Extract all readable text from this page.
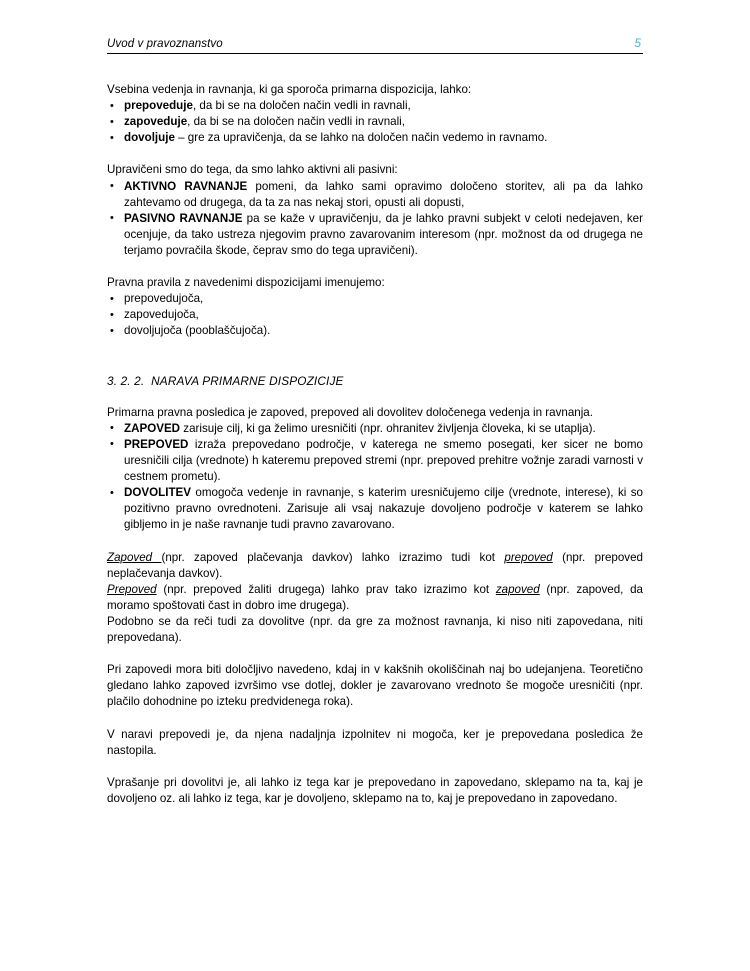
Uvod v pravoznanstvo	5

Vsebina vedenja in ravnanja, ki ga sporoča primarna dispozicija, lahko:

• prepoveduje, da bi se na določen način vedli in ravnali,
• zapoveduje, da bi se na določen način vedli in ravnali,
• dovoljuje – gre za upravičenja, da se lahko na določen način vedemo in ravnamo.

Upravičeni smo do tega, da smo lahko aktivni ali pasivni:

• AKTIVNO RAVNANJE pomeni, da lahko sami opravimo določeno storitev, ali pa da lahko zahtevamo od drugega, da ta za nas nekaj stori, opusti ali dopusti,
• PASIVNO RAVNANJE pa se kaže v upravičenju, da je lahko pravni subjekt v celoti nedejaven, ker ocenjuje, da tako ustreza njegovim pravno zavarovanim interesom (npr. možnost da od drugega ne terjamo povračila škode, čeprav smo do tega upravičeni).

Pravna pravila z navedenimi dispozicijami imenujemo:

• prepovedujoča,
• zapovedujoča,
• dovoljujoča (pooblaščujoča).
3. 2. 2.  NARAVA PRIMARNE DISPOZICIJE

Primarna pravna posledica je zapoved, prepoved ali dovolitev določenega vedenja in ravnanja.

• ZAPOVED zarisuje cilj, ki ga želimo uresničiti (npr. ohranitev življenja človeka, ki se utaplja).
• PREPOVED izraža prepovedano področje, v katerega ne smemo posegati, ker sicer ne bomo uresničili cilja (vrednote) h kateremu prepoved stremi (npr. prepoved prehitre vožnje zaradi varnosti v cestnem prometu).
• DOVOLITEV omogoča vedenje in ravnanje, s katerim uresničujemo cilje (vrednote, interese), ki so pozitivno pravno ovrednoteni. Zarisuje ali vsaj nakazuje dovoljeno področje v katerem se lahko gibljemo in je naše ravnanje tudi pravno zavarovano.

Zapoved (npr. zapoved plačevanja davkov) lahko izrazimo tudi kot prepoved (npr. prepoved neplačevanja davkov).

Prepoved (npr. prepoved žaliti drugega) lahko prav tako izrazimo kot zapoved (npr. zapoved, da moramo spoštovati čast in dobro ime drugega).

Podobno se da reči tudi za dovolitve (npr. da gre za možnost ravnanja, ki niso niti zapovedana, niti prepovedana).

Pri zapovedi mora biti določljivo navedeno, kdaj in v kakšnih okoliščinah naj bo udejanjena. Teoretično gledano lahko zapoved izvršimo vse dotlej, dokler je zavarovano vrednoto še mogoče uresničiti (npr. plačilo dohodnine po izteku predvidenega roka).

V naravi prepovedi je, da njena nadaljnja izpolnitev ni mogoča, ker je prepovedana posledica že nastopila.

Vprašanje pri dovolitvi je, ali lahko iz tega kar je prepovedano in zapovedano, sklepamo na ta, kaj je dovoljeno oz. ali lahko iz tega, kar je dovoljeno, sklepamo na to, kaj je prepovedano in zapovedano.
